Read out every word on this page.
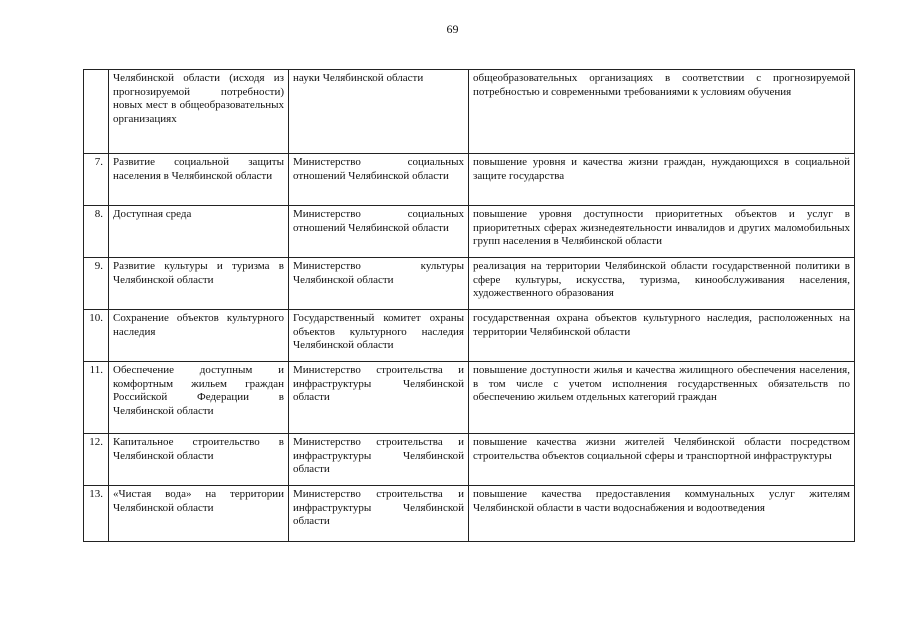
69
	Челябинской области (исходя из прогнозируемой потребности) новых мест в общеобразовательных организациях	науки Челябинской области	общеобразовательных организациях в соответствии с прогнозируемой потребностью и современными требованиями к условиям обучения
7.	Развитие социальной защиты населения в Челябинской области	Министерство социальных отношений Челябинской области	повышение уровня и качества жизни граждан, нуждающихся в социальной защите государства
8.	Доступная среда	Министерство социальных отношений Челябинской области	повышение уровня доступности приоритетных объектов и услуг в приоритетных сферах жизнедеятельности инвалидов и других маломобильных групп населения в Челябинской области
9.	Развитие культуры и туризма в Челябинской области	Министерство культуры Челябинской области	реализация на территории Челябинской области государственной политики в сфере культуры, искусства, туризма, кинообслуживания населения, художественного образования
10.	Сохранение объектов культурного наследия	Государственный комитет охраны объектов культурного наследия Челябинской области	государственная охрана объектов культурного наследия, расположенных на территории Челябинской области
11.	Обеспечение доступным и комфортным жильем граждан Российской Федерации в Челябинской области	Министерство строительства и инфраструктуры Челябинской области	повышение доступности жилья и качества жилищного обеспечения населения, в том числе с учетом исполнения государственных обязательств по обеспечению жильем отдельных категорий граждан
12.	Капитальное строительство в Челябинской области	Министерство строительства и инфраструктуры Челябинской области	повышение качества жизни жителей Челябинской области посредством строительства объектов социальной сферы и транспортной инфраструктуры
13.	«Чистая вода» на территории Челябинской области	Министерство строительства и инфраструктуры Челябинской области	повышение качества предоставления коммунальных услуг жителям Челябинской области в части водоснабжения и водоотведения
